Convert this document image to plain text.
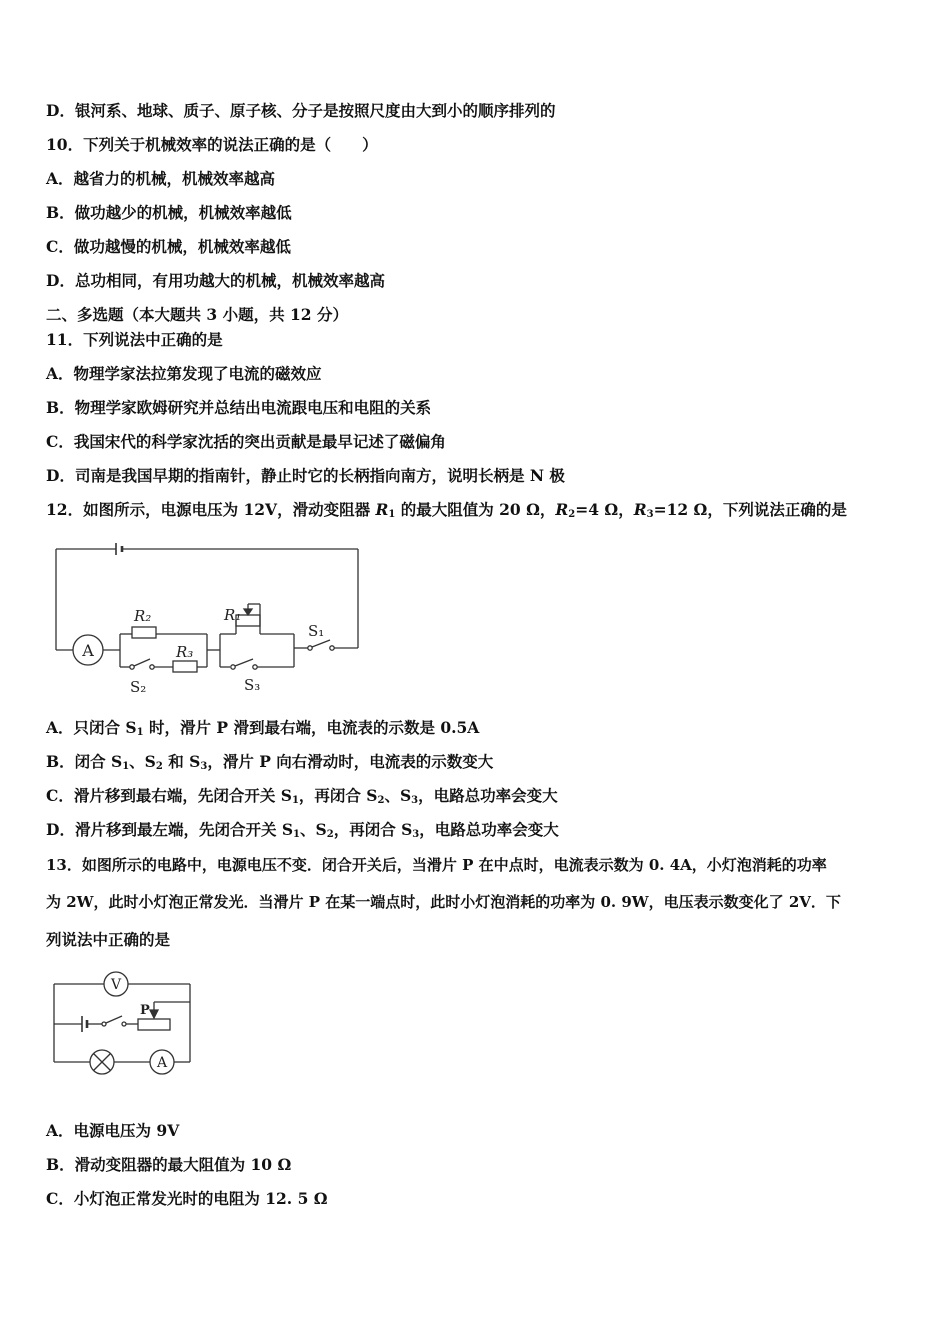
D．银河系、地球、质子、原子核、分子是按照尺度由大到小的顺序排列的
10．下列关于机械效率的说法正确的是（　　）
A．越省力的机械，机械效率越高
B．做功越少的机械，机械效率越低
C．做功越慢的机械，机械效率越低
D．总功相同，有用功越大的机械，机械效率越高
二、多选题（本大题共 3 小题，共 12 分）
11．下列说法中正确的是
A．物理学家法拉第发现了电流的磁效应
B．物理学家欧姆研究并总结出电流跟电压和电阻的关系
C．我国宋代的科学家沈括的突出贡献是最早记述了磁偏角
D．司南是我国早期的指南针，静止时它的长柄指向南方，说明长柄是 N 极
12．如图所示，电源电压为 12V，滑动变阻器 $R_1$ 的最大阻值为 20 Ω，$R_2=4$ Ω，$R_3=12$ Ω，下列说法正确的是
A
R₂
R₃
R₁
S₁
S₂	S₃
A．只闭合 $S_1$ 时，滑片 P 滑到最右端，电流表的示数是 0.5A
B．闭合 $S_1$、$S_2$ 和 $S_3$，滑片 P 向右滑动时，电流表的示数变大
C．滑片移到最右端，先闭合开关 $S_1$，再闭合 $S_2$、$S_3$，电路总功率会变大
D．滑片移到最左端，先闭合开关 $S_1$、$S_2$，再闭合 $S_3$，电路总功率会变大
13．如图所示的电路中，电源电压不变．闭合开关后，当滑片 P 在中点时，电流表示数为 0. 4A，小灯泡消耗的功率
为 2W，此时小灯泡正常发光．当滑片 P 在某一端点时，此时小灯泡消耗的功率为 0. 9W，电压表示数变化了 2V．下
列说法中正确的是
V
P
A
A．电源电压为 9V
B．滑动变阻器的最大阻值为 10 Ω
C．小灯泡正常发光时的电阻为 12. 5 Ω
